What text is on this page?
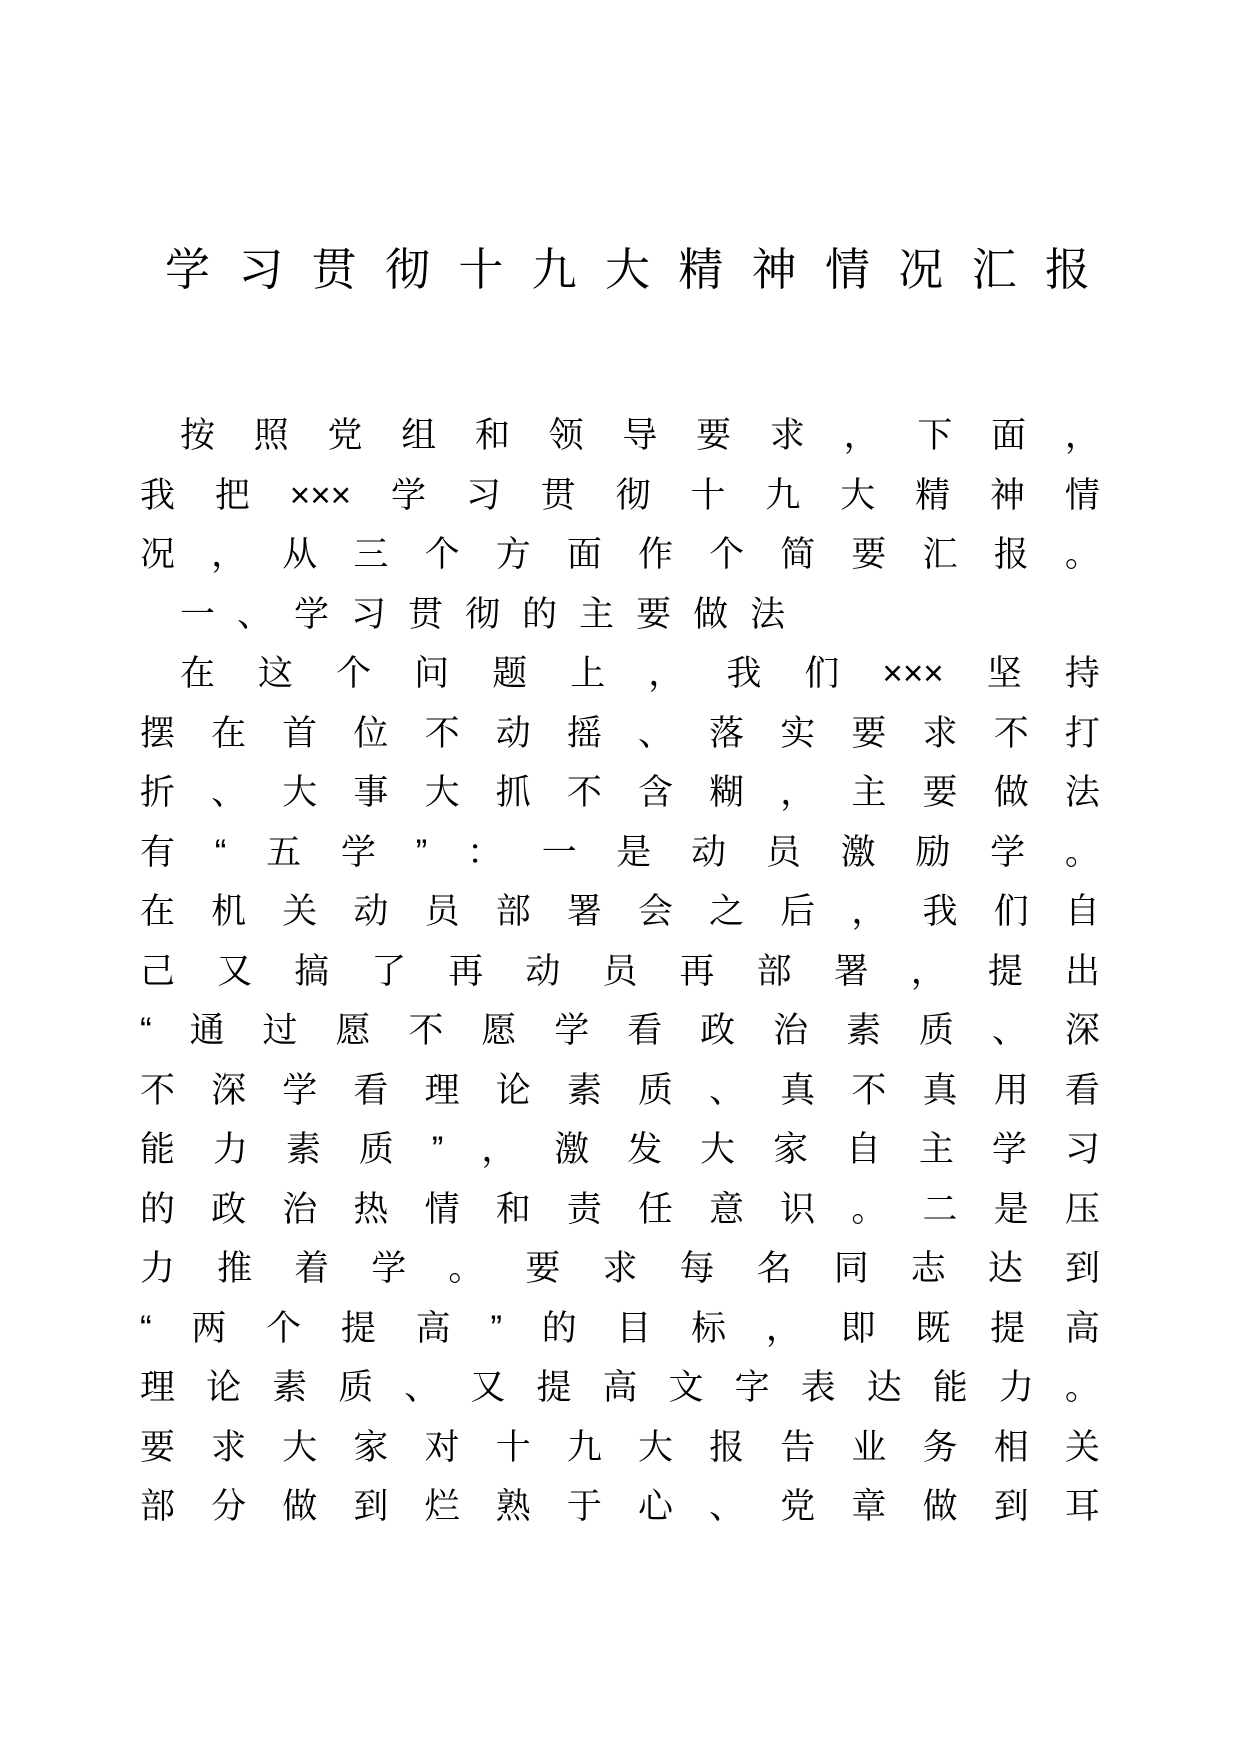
学 习 贯 彻 十 九 大 精 神 情 况 汇 报
按 照 党 组 和 领 导 要 求 ， 下 面 ，
我 把 ××× 学 习 贯 彻 十 九 大 精 神 情
况 ， 从 三 个 方 面 作 个 简 要 汇 报 。
一 、 学 习 贯 彻 的 主 要 做 法
在 这 个 问 题 上 ， 我 们 ××× 坚 持
摆 在 首 位 不 动 摇 、 落 实 要 求 不 打
折 、 大 事 大 抓 不 含 糊 ， 主 要 做 法
有 “ 五 学 ” ： 一 是 动 员 激 励 学 。
在 机 关 动 员 部 署 会 之 后 ， 我 们 自
己 又 搞 了 再 动 员 再 部 署 ， 提 出
“ 通 过 愿 不 愿 学 看 政 治 素 质 、 深
不 深 学 看 理 论 素 质 、 真 不 真 用 看
能 力 素 质 ” ， 激 发 大 家 自 主 学 习
的 政 治 热 情 和 责 任 意 识 。 二 是 压
力 推 着 学 。 要 求 每 名 同 志 达 到
“ 两 个 提 高 ” 的 目 标 ， 即 既 提 高
理 论 素 质 、 又 提 高 文 字 表 达 能 力 。
要 求 大 家 对 十 九 大 报 告 业 务 相 关
部 分 做 到 烂 熟 于 心 、 党 章 做 到 耳
